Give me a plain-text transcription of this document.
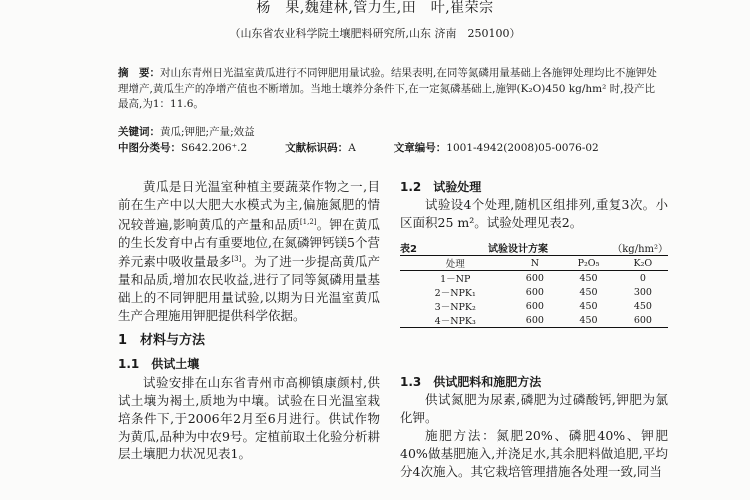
杨　果,魏建林,管力生,田　叶,崔荣宗
（山东省农业科学院土壤肥料研究所,山东 济南　250100）

摘　要：对山东青州日光温室黄瓜进行不同钾肥用量试验。结果表明,在同等氮磷用量基础上各施钾处理均比不施钾处理增产,黄瓜生产的净增产值也不断增加。当地土壤养分条件下,在一定氮磷基础上,施钾(K₂O)450 kg/hm² 时,投产比最高,为1：11.6。

关键词：黄瓜;钾肥;产量;效益
中图分类号：S642.206⁺.2	文献标识码：A	文章编号：1001-4942(2008)05-0076-02

黄瓜是日光温室种植主要蔬菜作物之一,目前在生产中以大肥大水模式为主,偏施氮肥的情况较普遍,影响黄瓜的产量和品质[1,2]。钾在黄瓜的生长发育中占有重要地位,在氮磷钾钙镁5个营养元素中吸收量最多[3]。为了进一步提高黄瓜产量和品质,增加农民收益,进行了同等氮磷用量基础上的不同钾肥用量试验,以期为日光温室黄瓜生产合理施用钾肥提供科学依据。

1　材料与方法
1.1　供试土壤

试验安排在山东省青州市高柳镇康颜村,供试土壤为褐土,质地为中壤。试验在日光温室栽培条件下,于2006年2月至6月进行。供试作物为黄瓜,品种为中农9号。定植前取土化验分析耕层土壤肥力状况见表1。

1.2　试验处理

试验设4个处理,随机区组排列,重复3次。小区面积25 m²。试验处理见表2。

表2	试验设计方案	（kg/hm²）
处理	N	P₂O₅	K₂O
1－NP	600	450	0
2－NPK₁	600	450	300
3－NPK₂	600	450	450
4－NPK₃	600	450	600
1.3　供试肥料和施肥方法

供试氮肥为尿素,磷肥为过磷酸钙,钾肥为氯化钾。

施肥方法：氮肥20%、磷肥40%、钾肥40%做基肥施入,并浇足水,其余肥料做追肥,平均分4次施入。其它栽培管理措施各处理一致,同当
